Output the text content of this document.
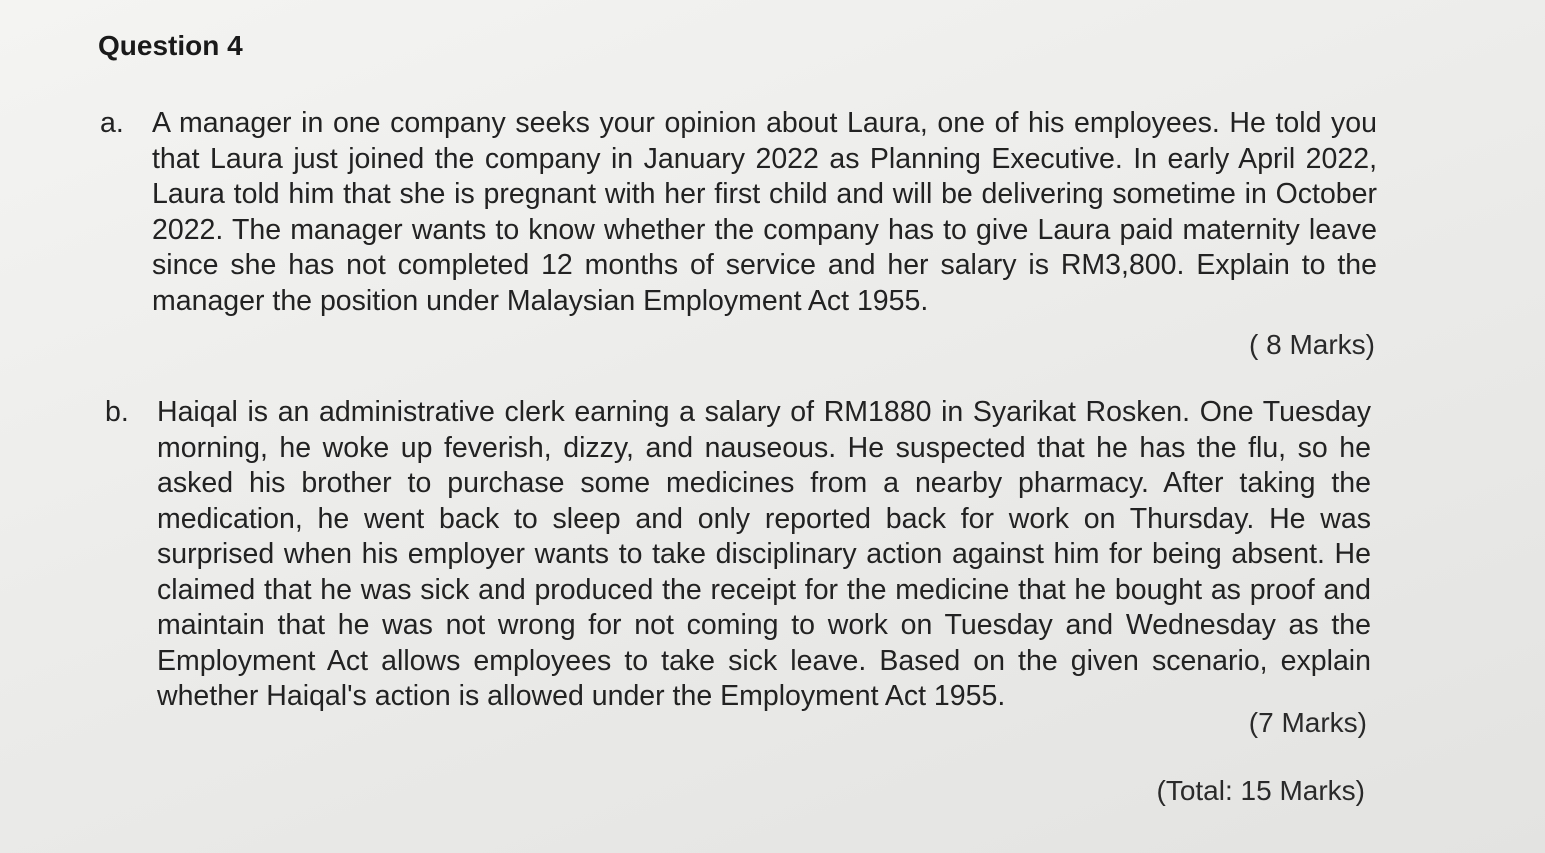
Question 4
a. A manager in one company seeks your opinion about Laura, one of his employees. He told you that Laura just joined the company in January 2022 as Planning Executive. In early April 2022, Laura told him that she is pregnant with her first child and will be delivering sometime in October 2022. The manager wants to know whether the company has to give Laura paid maternity leave since she has not completed 12 months of service and her salary is RM3,800. Explain to the manager the position under Malaysian Employment Act 1955.
( 8 Marks)
b. Haiqal is an administrative clerk earning a salary of RM1880 in Syarikat Rosken. One Tuesday morning, he woke up feverish, dizzy, and nauseous. He suspected that he has the flu, so he asked his brother to purchase some medicines from a nearby pharmacy. After taking the medication, he went back to sleep and only reported back for work on Thursday. He was surprised when his employer wants to take disciplinary action against him for being absent. He claimed that he was sick and produced the receipt for the medicine that he bought as proof and maintain that he was not wrong for not coming to work on Tuesday and Wednesday as the Employment Act allows employees to take sick leave. Based on the given scenario, explain whether Haiqal's action is allowed under the Employment Act 1955.
(7 Marks)
(Total: 15 Marks)
